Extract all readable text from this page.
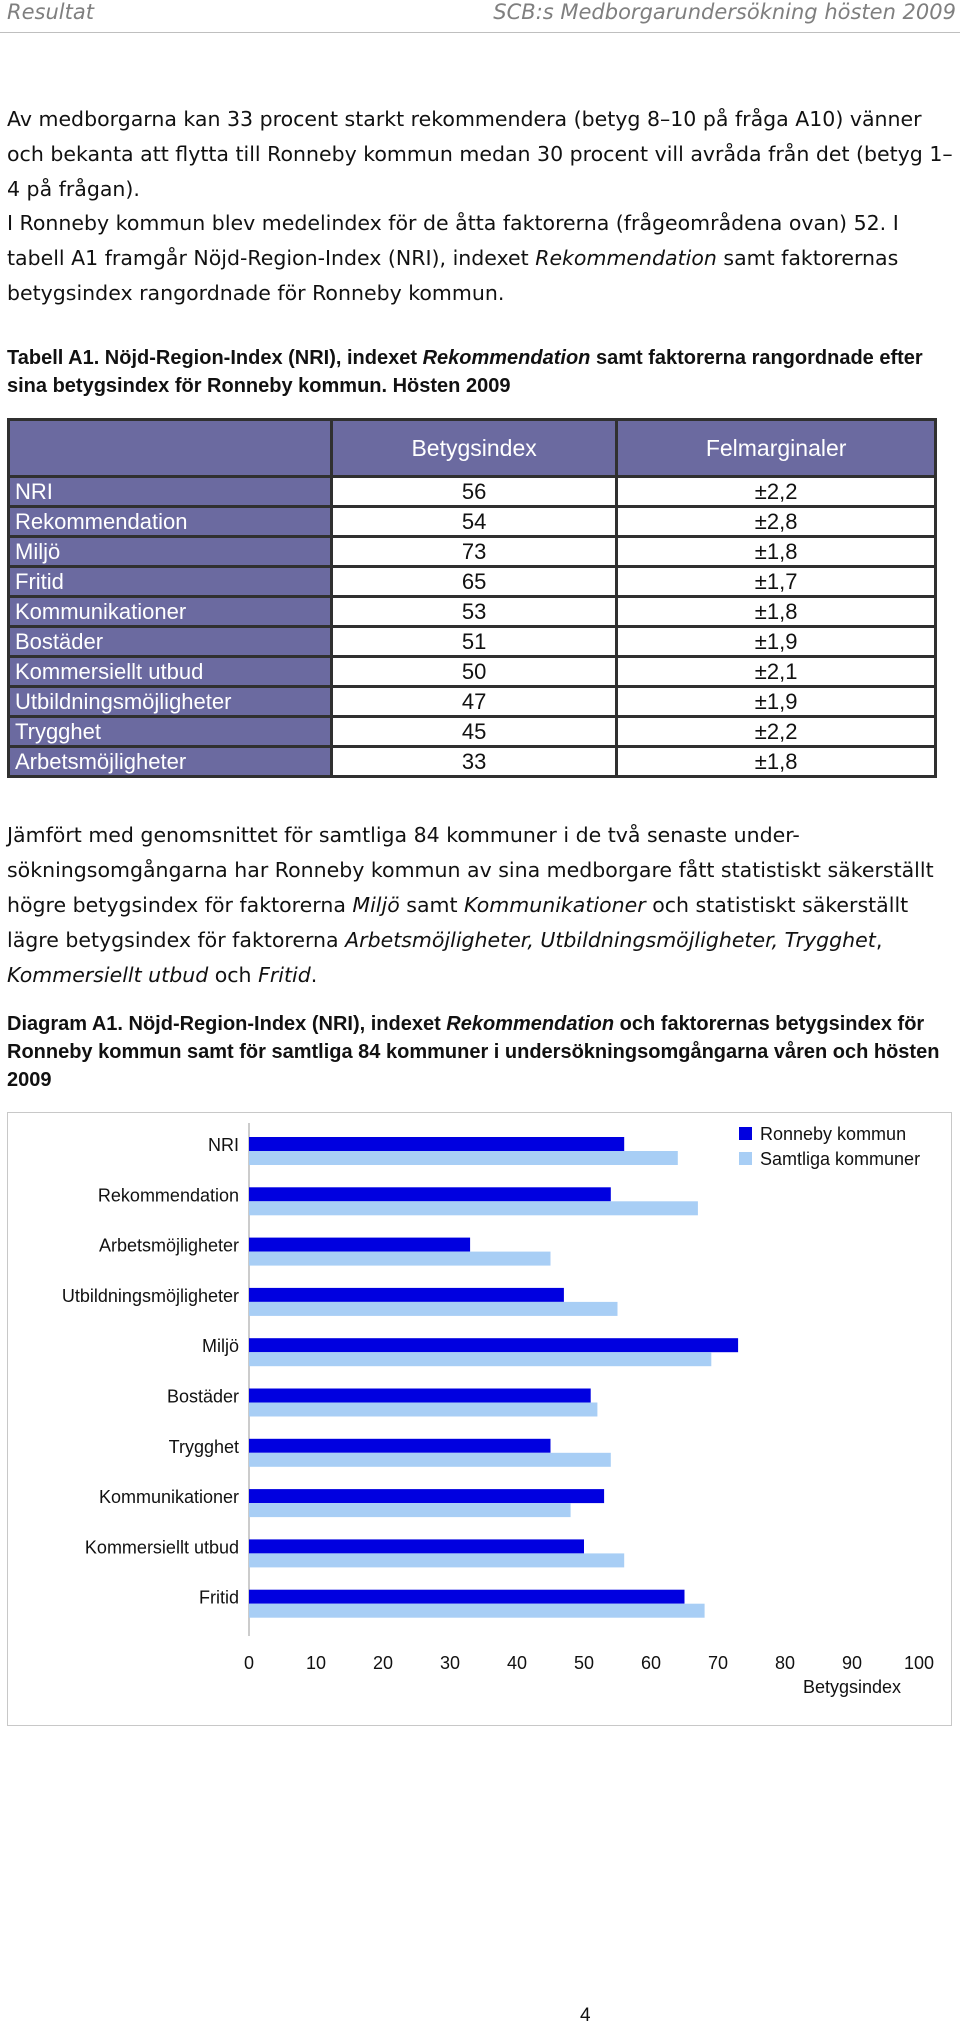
Resultat	SCB:s Medborgarundersökning hösten 2009
Av medborgarna kan 33 procent starkt rekommendera (betyg 8–10 på fråga A10) vänner och bekanta att flytta till Ronneby kommun medan 30 procent vill avråda från det (betyg 1–4 på frågan).
I Ronneby kommun blev medelindex för de åtta faktorerna (frågeområdena ovan) 52. I tabell A1 framgår Nöjd-Region-Index (NRI), indexet Rekommendation samt faktorernas betygsindex rangordnade för Ronneby kommun.
Tabell A1. Nöjd-Region-Index (NRI), indexet Rekommendation samt faktorerna rangordnade efter sina betygsindex för Ronneby kommun. Hösten 2009
	Betygsindex	Felmarginaler
NRI	56	±2,2
Rekommendation	54	±2,8
Miljö	73	±1,8
Fritid	65	±1,7
Kommunikationer	53	±1,8
Bostäder	51	±1,9
Kommersiellt utbud	50	±2,1
Utbildningsmöjligheter	47	±1,9
Trygghet	45	±2,2
Arbetsmöjligheter	33	±1,8
Jämfört med genomsnittet för samtliga 84 kommuner i de två senaste under-sökningsomgångarna har Ronneby kommun av sina medborgare fått statistiskt säkerställt högre betygsindex för faktorerna Miljö samt Kommunikationer och statistiskt säkerställt lägre betygsindex för faktorerna Arbetsmöjligheter, Utbildningsmöjligheter, Trygghet, Kommersiellt utbud och Fritid.
Diagram A1. Nöjd-Region-Index (NRI), indexet Rekommendation och faktorernas betygsindex för Ronneby kommun samt för samtliga 84 kommuner i undersökningsomgångarna våren och hösten 2009
NRI
Rekommendation
Arbetsmöjligheter
Utbildningsmöjligheter
Miljö
Bostäder
Trygghet
Kommunikationer
Kommersiellt utbud
Fritid
0	10	20	30	40	50	60	70	80	90 100
Betygsindex
Ronneby kommun
Samtliga kommuner
4
